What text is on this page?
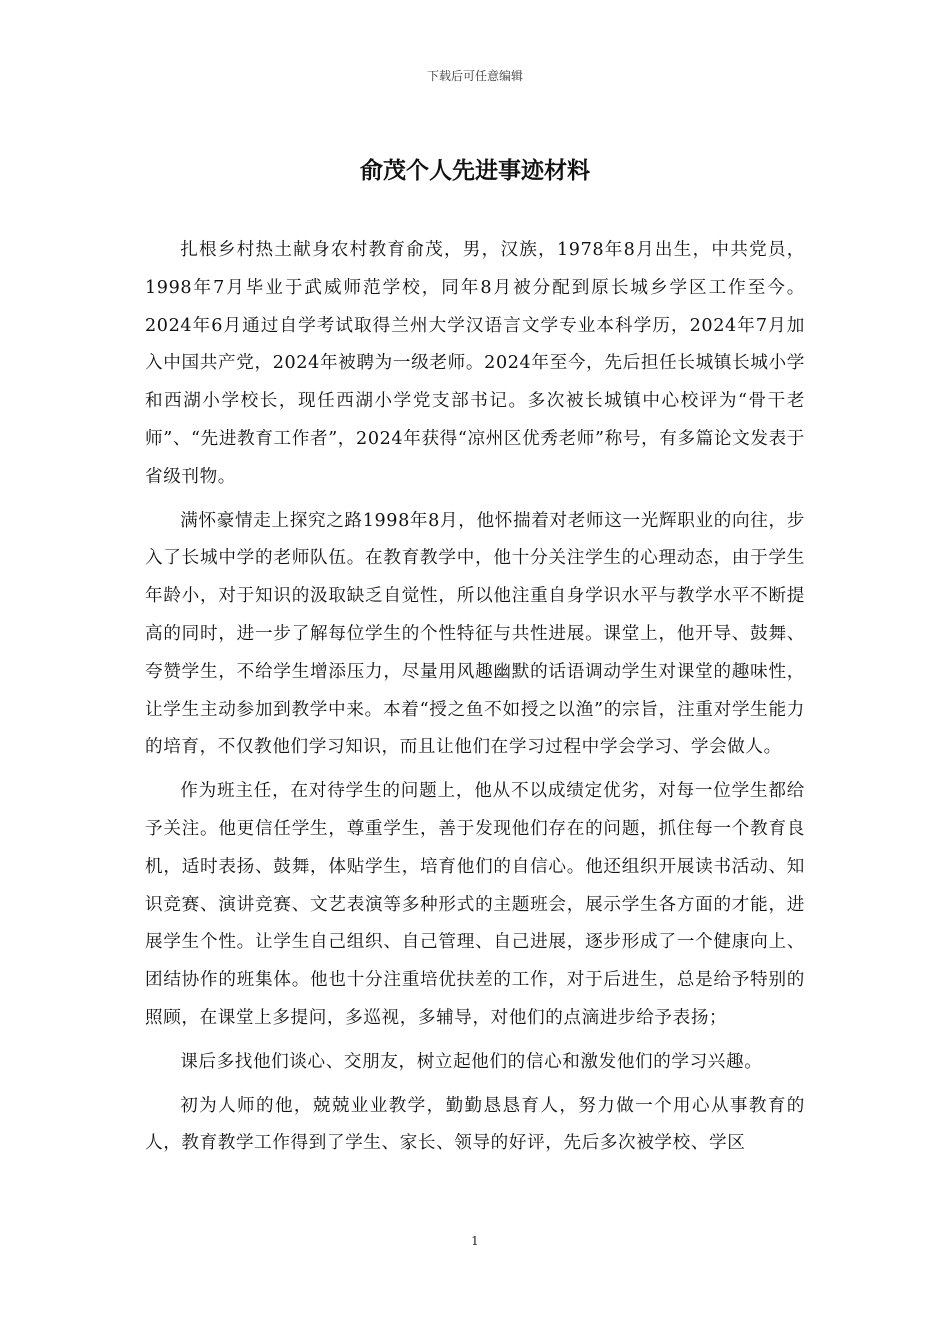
下载后可任意编辑
俞茂个人先进事迹材料

扎根乡村热土献身农村教育俞茂，男，汉族，1978年8月出生，中共党员，1998年7月毕业于武威师范学校，同年8月被分配到原长城乡学区工作至今。2024年6月通过自学考试取得兰州大学汉语言文学专业本科学历，2024年7月加入中国共产党，2024年被聘为一级老师。2024年至今，先后担任长城镇长城小学和西湖小学校长，现任西湖小学党支部书记。多次被长城镇中心校评为“骨干老师”、“先进教育工作者”，2024年获得“凉州区优秀老师”称号，有多篇论文发表于省级刊物。

满怀豪情走上探究之路1998年8月，他怀揣着对老师这一光辉职业的向往，步入了长城中学的老师队伍。在教育教学中，他十分关注学生的心理动态，由于学生年龄小，对于知识的汲取缺乏自觉性，所以他注重自身学识水平与教学水平不断提高的同时，进一步了解每位学生的个性特征与共性进展。课堂上，他开导、鼓舞、夸赞学生，不给学生增添压力，尽量用风趣幽默的话语调动学生对课堂的趣味性，让学生主动参加到教学中来。本着“授之鱼不如授之以渔”的宗旨，注重对学生能力的培育，不仅教他们学习知识，而且让他们在学习过程中学会学习、学会做人。

作为班主任，在对待学生的问题上，他从不以成绩定优劣，对每一位学生都给予关注。他更信任学生，尊重学生，善于发现他们存在的问题，抓住每一个教育良机，适时表扬、鼓舞，体贴学生，培育他们的自信心。他还组织开展读书活动、知识竞赛、演讲竞赛、文艺表演等多种形式的主题班会，展示学生各方面的才能，进展学生个性。让学生自己组织、自己管理、自己进展，逐步形成了一个健康向上、团结协作的班集体。他也十分注重培优扶差的工作，对于后进生，总是给予特别的照顾，在课堂上多提问，多巡视，多辅导，对他们的点滴进步给予表扬；

课后多找他们谈心、交朋友，树立起他们的信心和激发他们的学习兴趣。

初为人师的他，兢兢业业教学，勤勤恳恳育人，努力做一个用心从事教育的人，教育教学工作得到了学生、家长、领导的好评，先后多次被学校、学区

1
